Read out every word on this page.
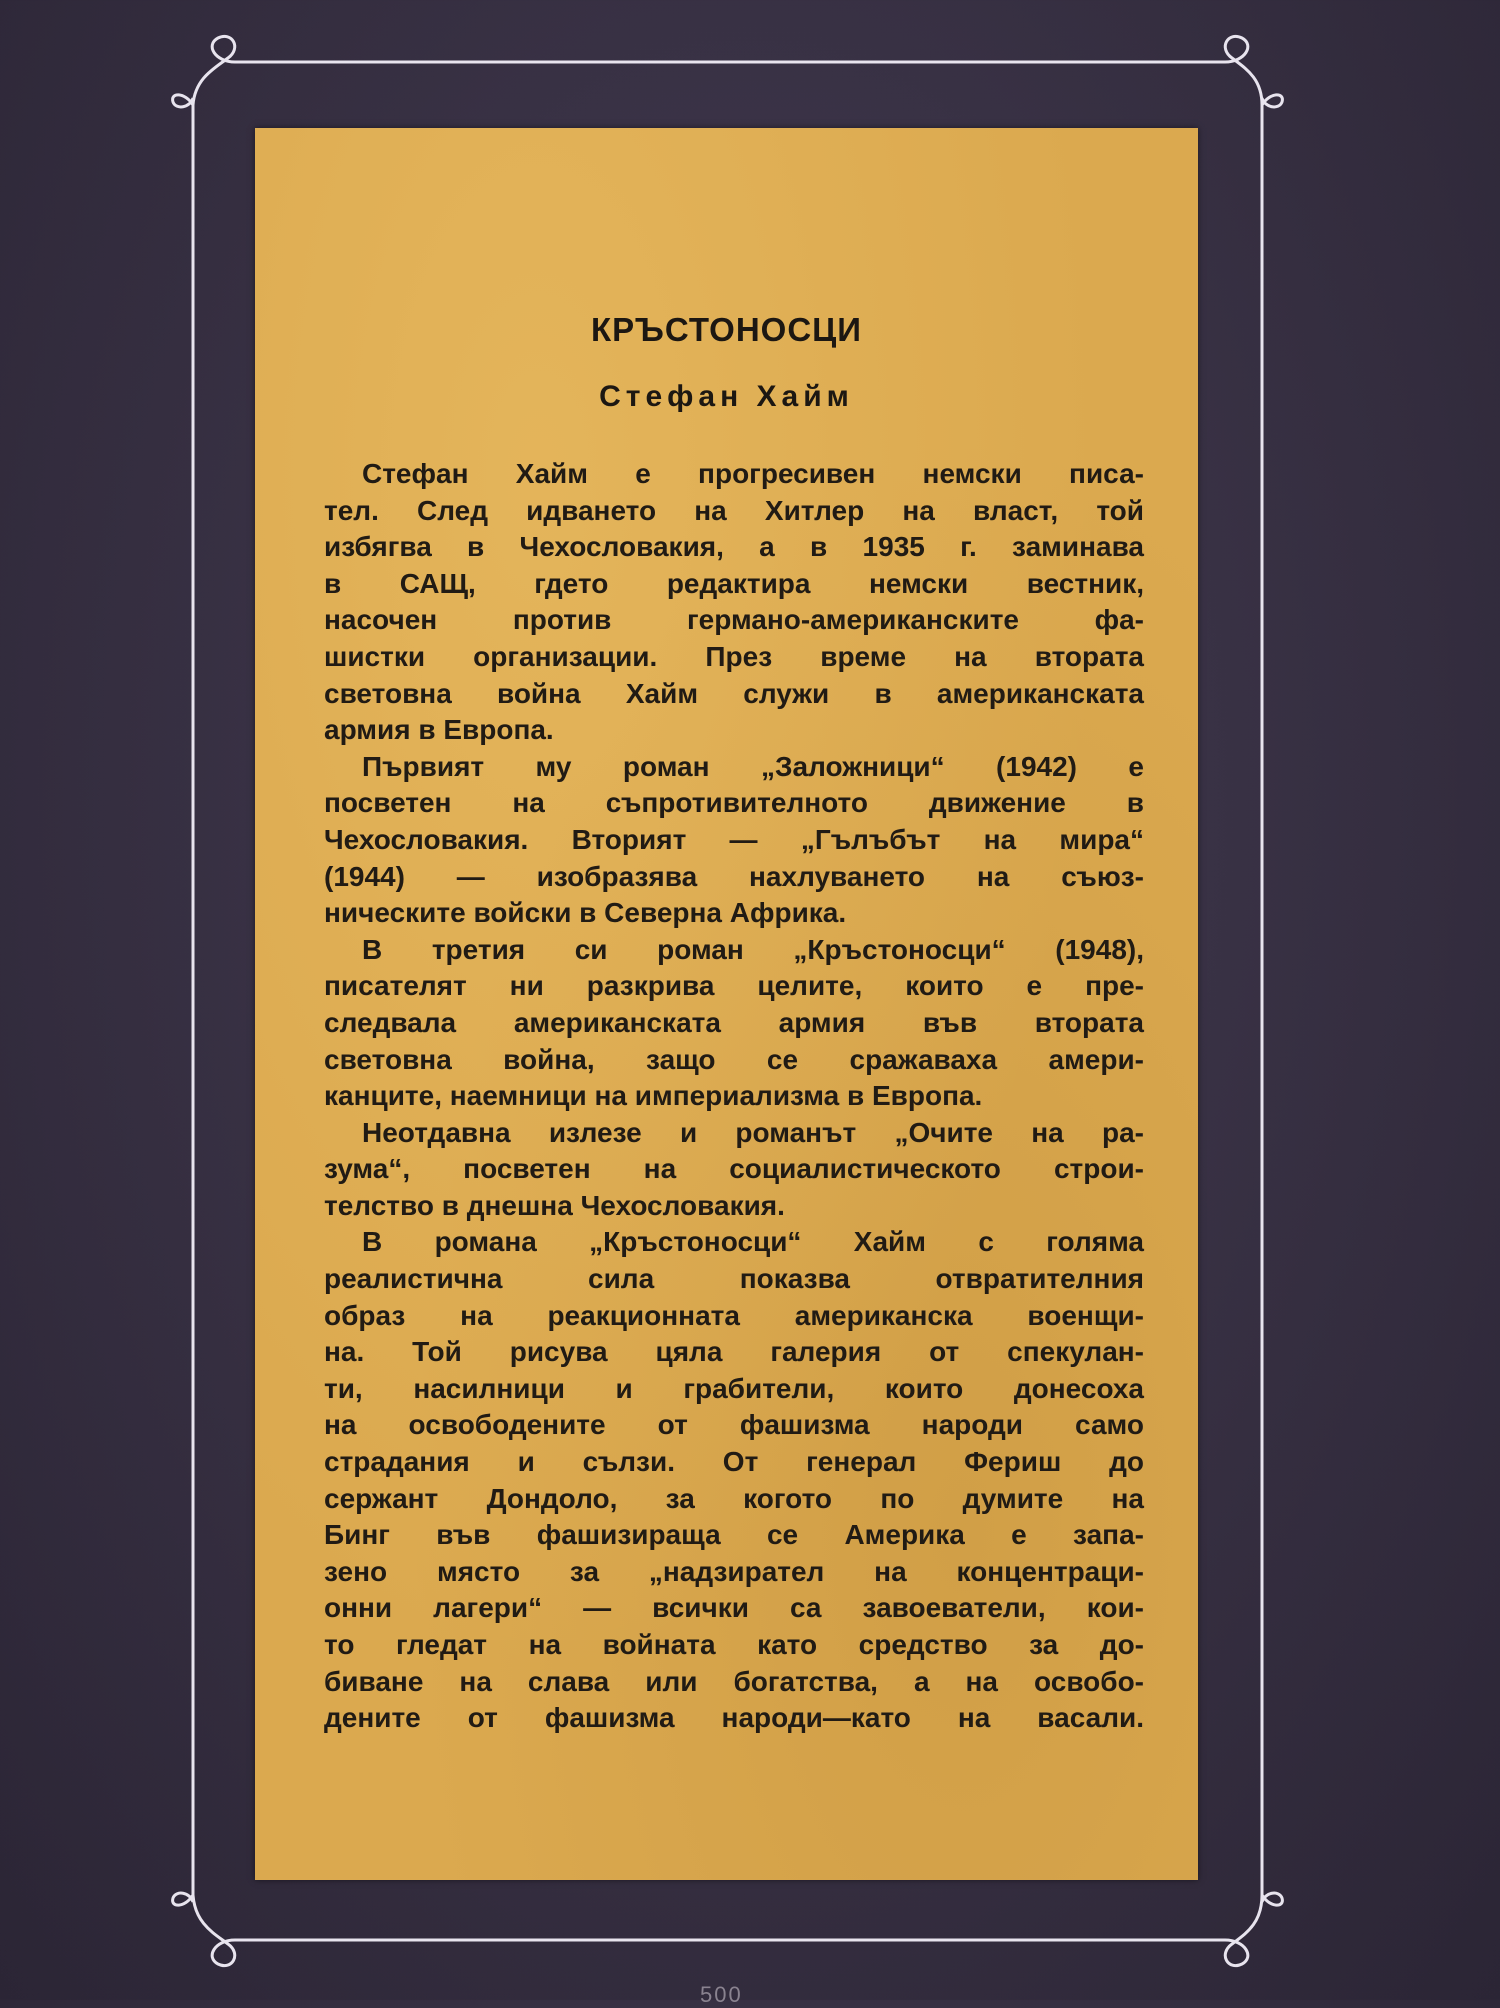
КРЪСТОНОСЦИ
Стефан Хайм
Стефан Хайм е прогресивен немски писа-
тел. След идването на Хитлер на власт, той
избягва в Чехословакия, а в 1935 г. заминава
в САЩ, гдето редактира немски вестник,
насочен против германо-американските фа-
шистки организации. През време на втората
световна война Хайм служи в американската
армия в Европа.
Първият му роман „Заложници“ (1942) е
посветен на съпротивителното движение в
Чехословакия. Вторият — „Гълъбът на мира“
(1944) — изобразява нахлуването на съюз-
ническите войски в Северна Африка.
В третия си роман „Кръстоносци“ (1948),
писателят ни разкрива целите, които е пре-
следвала американската армия във втората
световна война, защо се сражаваха амери-
канците, наемници на империализма в Европа.
Неотдавна излезе и романът „Очите на ра-
зума“, посветен на социалистическото строи-
телство в днешна Чехословакия.
В романа „Кръстоносци“ Хайм с голяма
реалистична сила показва отвратителния
образ на реакционната американска военщи-
на. Той рисува цяла галерия от спекулан-
ти, насилници и грабители, които донесоха
на освободените от фашизма народи само
страдания и сълзи. От генерал Фериш до
сержант Дондоло, за когото по думите на
Бинг във фашизираща се Америка е запа-
зено място за „надзирател на концентраци-
онни лагери“ — всички са завоеватели, кои-
то гледат на войната като средство за до-
биване на слава или богатства, а на освобо-
дените от фашизма народи—като на васали.
500
